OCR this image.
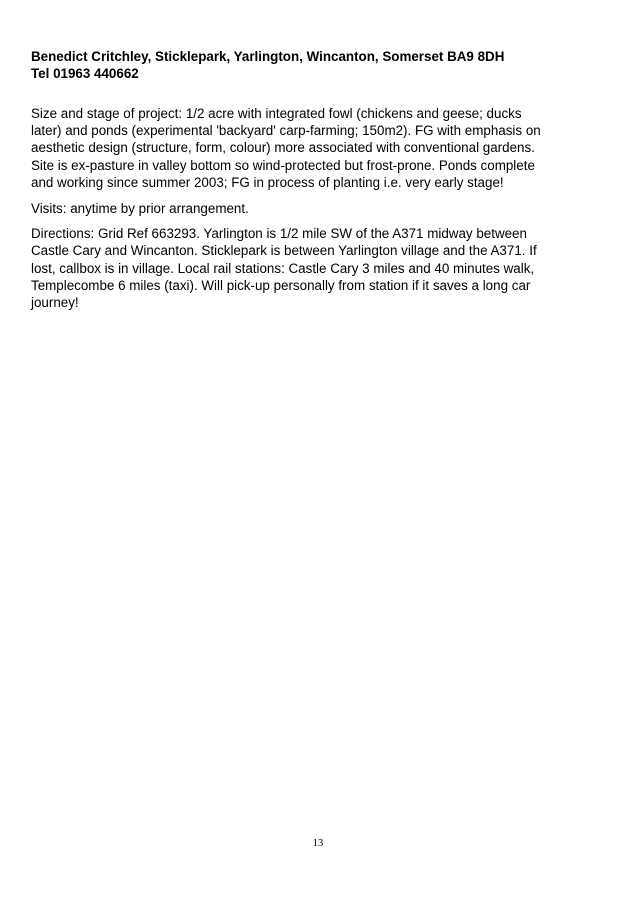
Benedict Critchley, Sticklepark, Yarlington, Wincanton, Somerset BA9 8DH
Tel 01963 440662
Size and stage of project: 1/2 acre with integrated fowl (chickens and geese; ducks
later) and ponds (experimental 'backyard' carp-farming; 150m2). FG with emphasis on
aesthetic design (structure, form, colour) more associated with conventional gardens.
Site is ex-pasture in valley bottom so wind-protected but frost-prone. Ponds complete
and working since summer 2003; FG in process of planting i.e. very early stage!
Visits: anytime by prior arrangement.
Directions: Grid Ref 663293. Yarlington is 1/2 mile SW of the A371 midway between
Castle Cary and Wincanton. Sticklepark is between Yarlington village and the A371. If
lost, callbox is in village. Local rail stations: Castle Cary 3 miles and 40 minutes walk,
Templecombe 6 miles (taxi). Will pick-up personally from station if it saves a long car
journey!
13
